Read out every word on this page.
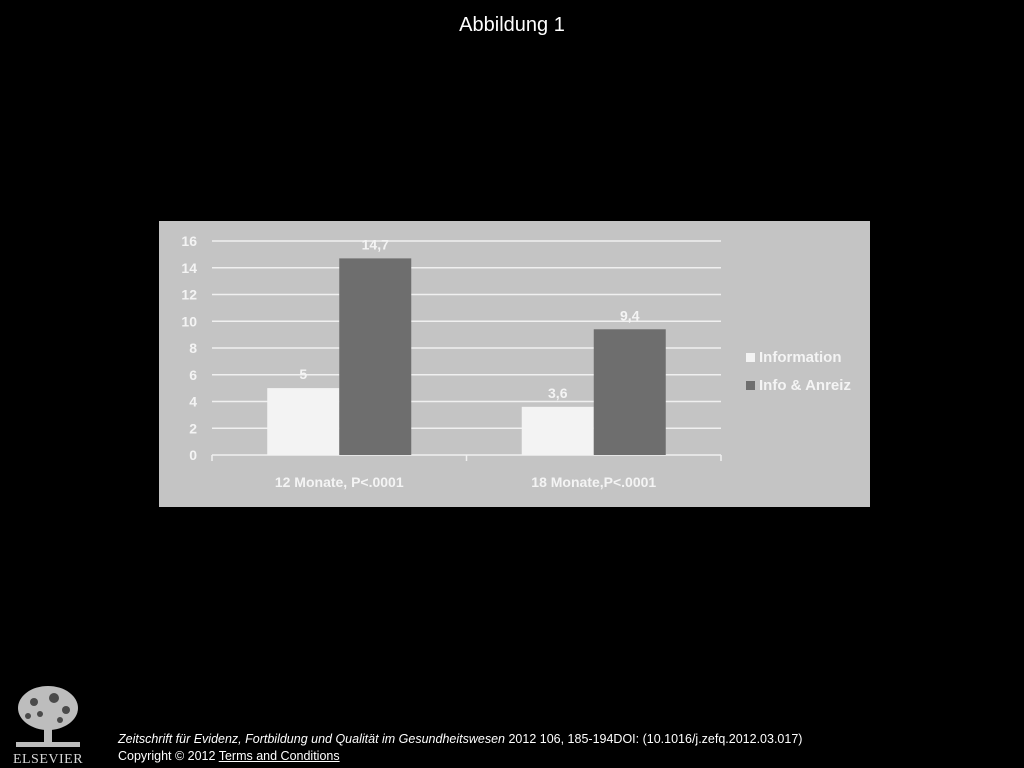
Abbildung 1
0
2
4
6
8
10
12
14
16
5
14,7
12 Monate, P<.0001
3,6
9,4
18 Monate,P<.0001
Information
Info & Anreiz
ELSEVIER
Zeitschrift für Evidenz, Fortbildung und Qualität im Gesundheitswesen 2012 106, 185-194DOI: (10.1016/j.zefq.2012.03.017)
Copyright © 2012 Terms and Conditions
